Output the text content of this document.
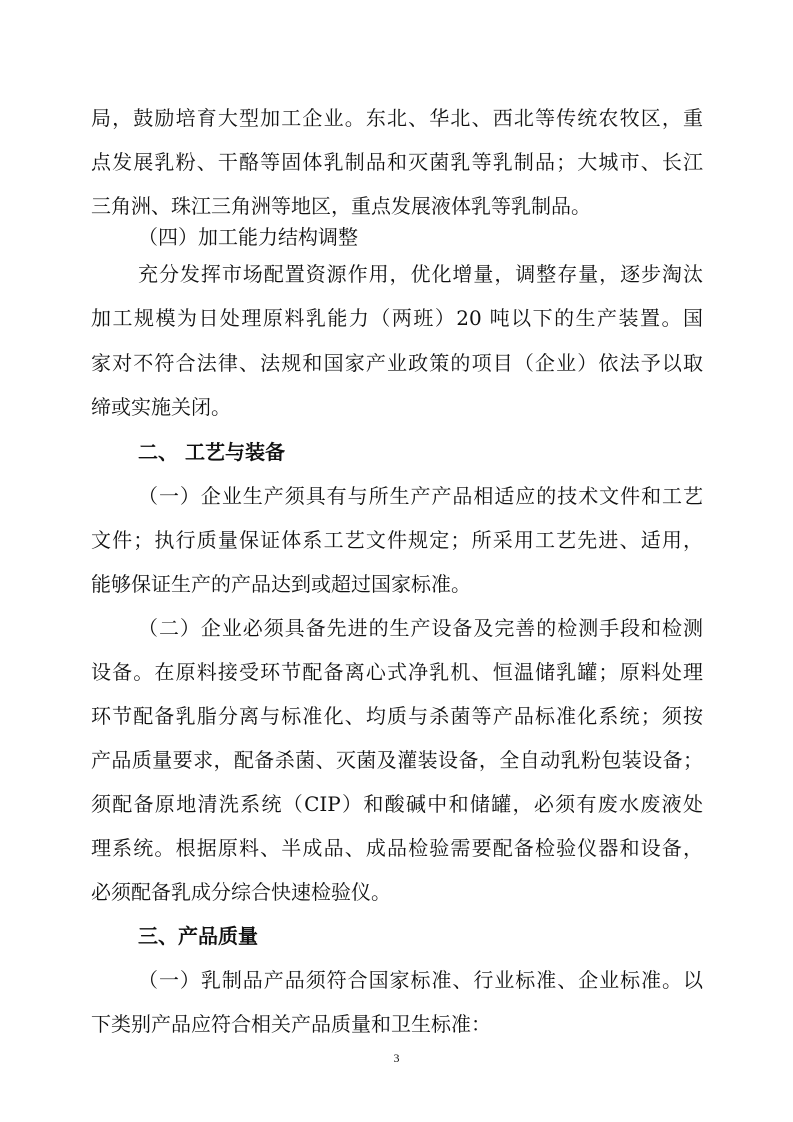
局，鼓励培育大型加工企业。东北、华北、西北等传统农牧区，重
点发展乳粉、干酪等固体乳制品和灭菌乳等乳制品；大城市、长江
三角洲、珠江三角洲等地区，重点发展液体乳等乳制品。
（四）加工能力结构调整
充分发挥市场配置资源作用，优化增量，调整存量，逐步淘汰
加工规模为日处理原料乳能力（两班）20 吨以下的生产装置。国
家对不符合法律、法规和国家产业政策的项目（企业）依法予以取
缔或实施关闭。
二、 工艺与装备
（一）企业生产须具有与所生产产品相适应的技术文件和工艺
文件；执行质量保证体系工艺文件规定；所采用工艺先进、适用，
能够保证生产的产品达到或超过国家标准。
（二）企业必须具备先进的生产设备及完善的检测手段和检测
设备。在原料接受环节配备离心式净乳机、恒温储乳罐；原料处理
环节配备乳脂分离与标准化、均质与杀菌等产品标准化系统；须按
产品质量要求，配备杀菌、灭菌及灌装设备，全自动乳粉包装设备；
须配备原地清洗系统（CIP）和酸碱中和储罐，必须有废水废液处
理系统。根据原料、半成品、成品检验需要配备检验仪器和设备，
必须配备乳成分综合快速检验仪。
三、产品质量
（一）乳制品产品须符合国家标准、行业标准、企业标准。以
下类别产品应符合相关产品质量和卫生标准：
3
